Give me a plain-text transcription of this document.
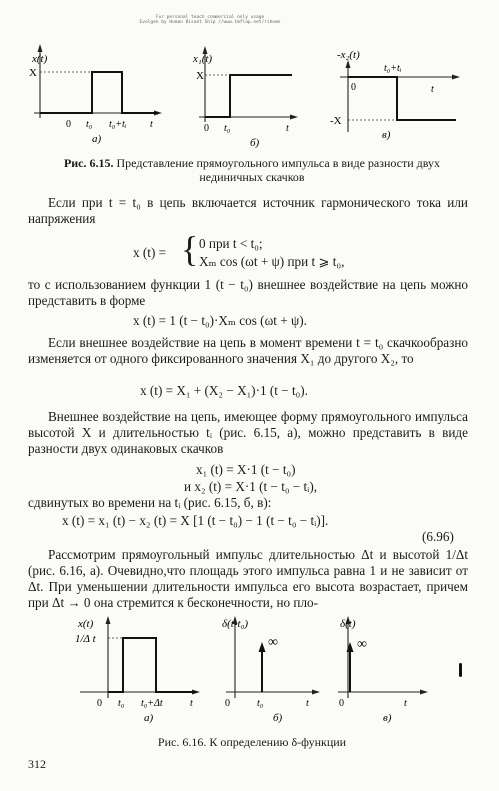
Fur personal teach commercial only usage
Evolgen by Human Bisant Shlp //www.tmflap.net/rihomn
x(t)
X
0 t₀ t₀+tᵢ t
a)
x₁(t)
X
0 t₀	t
б)
-x₂(t)
t₀+tᵢ
0	t
-X
в)
Рис. 6.15. Представление прямоугольного импульса в виде разности двух нединичных скачков
Если при t = t₀ в цепь включается источник гармонического тока или напряжения
x (t) = { 0 при t < t₀;
Xₘ cos (ωt + ψ) при t ⩾ t₀,
то с использованием функции 1 (t − t₀) внешнее воздействие на цепь можно представить в форме
x (t) = 1 (t − t₀)·Xₘ cos (ωt + ψ).
Если внешнее воздействие на цепь в момент времени t = t₀ скачкообразно изменяется от одного фиксированного значения X₁ до другого X₂, то
x (t) = X₁ + (X₂ − X₁)·1 (t − t₀).
Внешнее воздействие на цепь, имеющее форму прямоугольного импульса высотой X и длительностью tᵢ (рис. 6.15, a), можно представить в виде разности двух одинаковых скачков
x₁ (t) = X·1 (t − t₀)
и x₂ (t) = X·1 (t − t₀ − tᵢ),
сдвинутых во времени на tᵢ (рис. 6.15, б, в):
x (t) = x₁ (t) − x₂ (t) = X [1 (t − t₀) − 1 (t − t₀ − tᵢ)].
(6.96)
Рассмотрим прямоугольный импульс длительностью Δt и высотой 1/Δt (рис. 6.16, a). Очевидно,что площадь этого импульса равна 1 и не зависит от Δt. При уменьшении длительности импульса его высота возрастает, причем при Δt → 0 она стремится к бесконечности, но пло-
x(t)
1/Δ t
0 t₀ t₀+Δt	t
a)
δ(t-t₀)
∞
0	t₀	t
б)
δ(t)
∞
0	t
в)
Рис. 6.16. К определению δ-функции
312
